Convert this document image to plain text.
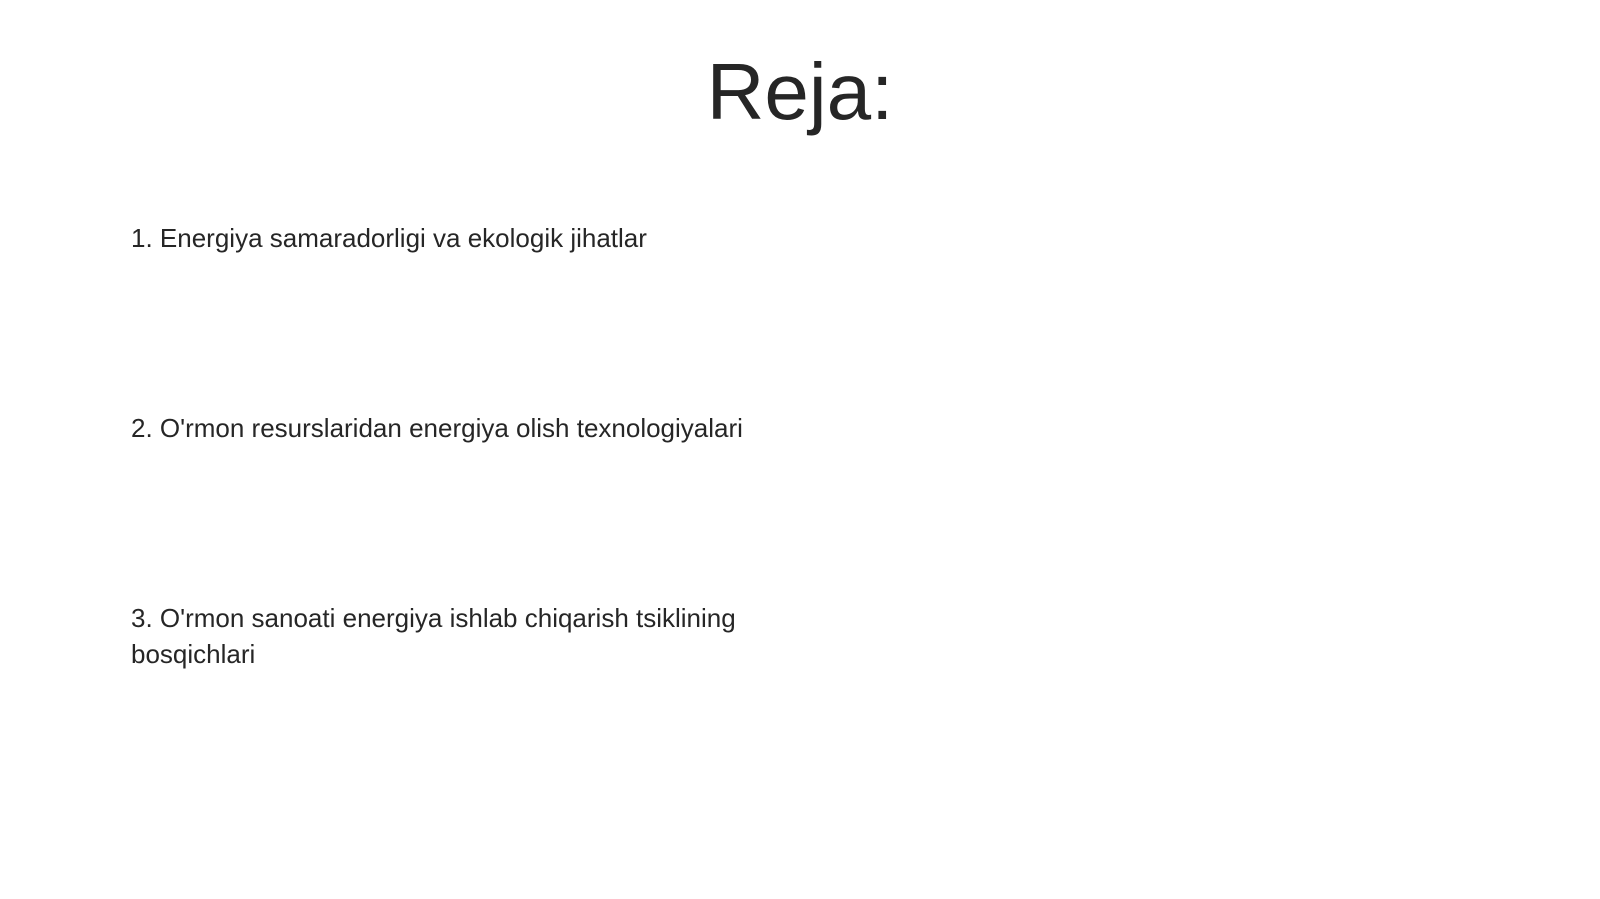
Reja:

1. Energiya samaradorligi va ekologik jihatlar

2. O'rmon resurslaridan energiya olish texnologiyalari

3. O'rmon sanoati energiya ishlab chiqarish tsiklining bosqichlari
